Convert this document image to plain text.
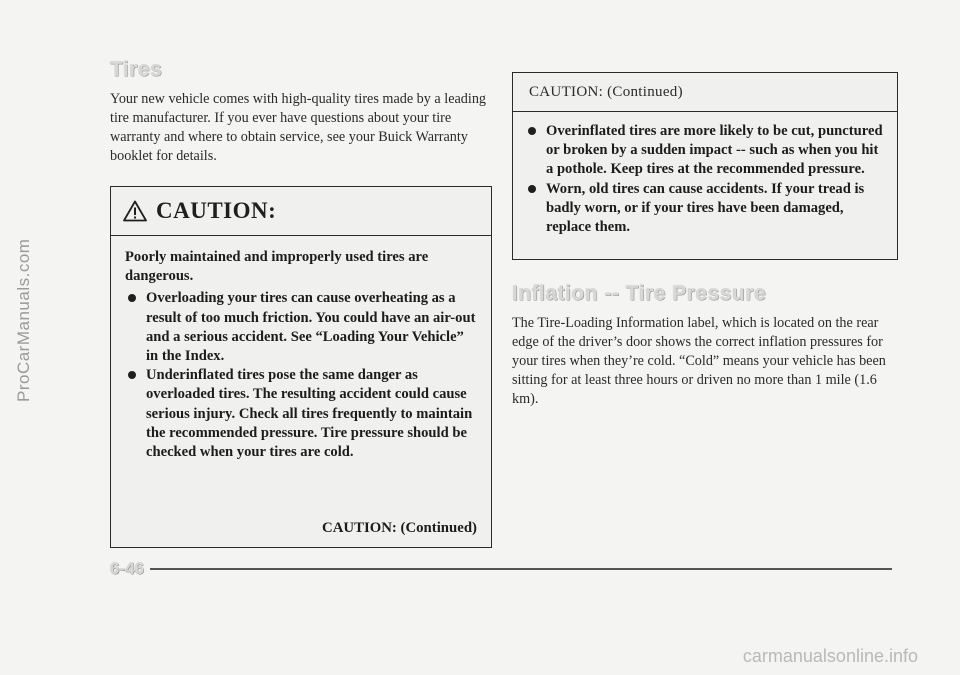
ProCarManuals.com
carmanualsonline.info
Tires

Your new vehicle comes with high-quality tires made by a leading tire manufacturer. If you ever have questions about your tire warranty and where to obtain service, see your Buick Warranty booklet for details.

CAUTION:

Poorly maintained and improperly used tires are dangerous.

Overloading your tires can cause overheating as a result of too much friction. You could have an air-out and a serious accident. See “Loading Your Vehicle” in the Index.
Underinflated tires pose the same danger as overloaded tires. The resulting accident could cause serious injury. Check all tires frequently to maintain the recommended pressure. Tire pressure should be checked when your tires are cold.
CAUTION: (Continued)
CAUTION: (Continued)
Overinflated tires are more likely to be cut, punctured or broken by a sudden impact -- such as when you hit a pothole. Keep tires at the recommended pressure.
Worn, old tires can cause accidents. If your tread is badly worn, or if your tires have been damaged, replace them.
Inflation -- Tire Pressure

The Tire-Loading Information label, which is located on the rear edge of the driver’s door shows the correct inflation pressures for your tires when they’re cold. “Cold” means your vehicle has been sitting for at least three hours or driven no more than 1 mile (1.6 km).

6-46
